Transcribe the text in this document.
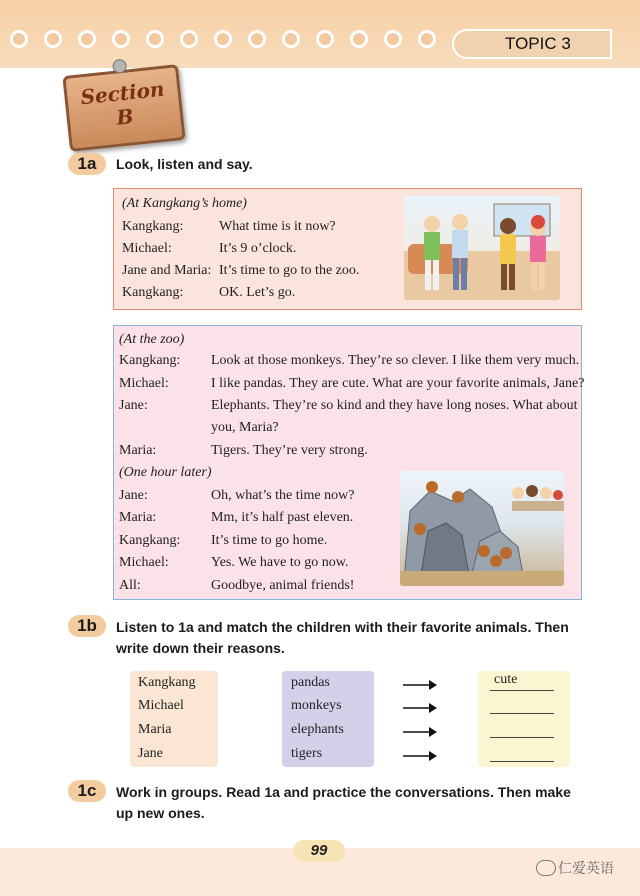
TOPIC 3
Section
B
1a	Look, listen and say.
(At Kangkang’s home)
Kangkang:	What time is it now?
Michael:	It’s 9 o’clock.
Jane and Maria: It’s time to go to the zoo.
Kangkang:	OK. Let’s go.
(At the zoo)
Kangkang: Look at those monkeys. They’re so clever. I like them very much.
Michael:	I like pandas. They are cute. What are your favorite animals, Jane?
Jane:	Elephants. They’re so kind and they have long noses. What about
you, Maria?
Maria:	Tigers. They’re very strong.
(One hour later)
Jane:	Oh, what’s the time now?
Maria:	Mm, it’s half past eleven.
Kangkang: It’s time to go home.
Michael:	Yes. We have to go now.
All:	Goodbye, animal friends!
1b	Listen to 1a and match the children with their favorite animals. Then
write down their reasons.
Kangkang
Michael
Maria
Jane
pandas
monkeys
elephants
tigers
cute
1c	Work in groups. Read 1a and practice the conversations. Then make
up new ones.
99
仁爱英语
